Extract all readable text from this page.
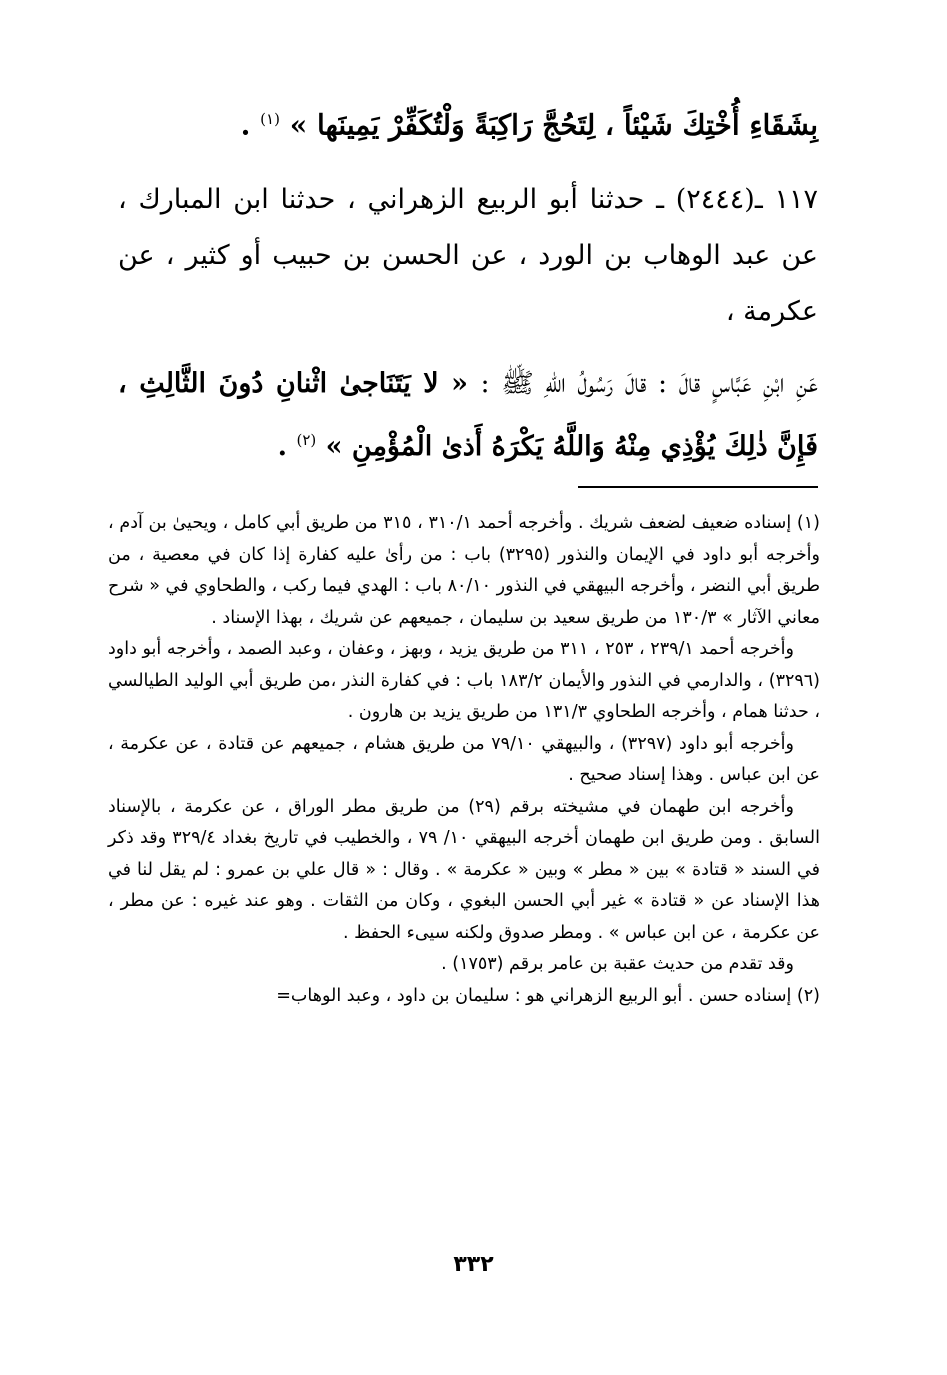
بِشَقَاءِ أُخْتِكَ شَيْئاً ، لِتَحُجَّ رَاكِبَةً وَلْتُكَفِّرْ يَمِينَها » $^{(١)}$ .
١١٧ ـ(٢٤٤٤) ـ حدثنا أبو الربيع الزهراني ، حدثنا ابن المبارك ، عن عبد الوهاب بن الورد ، عن الحسن بن حبيب أو كثير ، عن عكرمة ،
عَنِ ابْنِ عَبَّاسٍ قالَ : قالَ رَسُولُ اللهِ ﷺ : « لا يَتَنَاجىٰ اثْنانِ دُونَ الثَّالِثِ ، فَإِنَّ ذٰلِكَ يُؤْذِي مِنْهُ وَاللَّهُ يَكْرَهُ أَذىٰ الْمُؤْمِنِ » $^{(٢)}$ .

(١) إسناده ضعيف لضعف شريك . وأخرجه أحمد ٣١٠/١ ، ٣١٥ من طريق أبي كامل ، ويحيىٰ بن آدم ، وأخرجه أبو داود في الإيمان والنذور (٣٢٩٥) باب : من رأىٰ عليه كفارة إذا كان في معصية ، من طريق أبي النضر ، وأخرجه البيهقي في النذور ٨٠/١٠ باب : الهدي فيما ركب ، والطحاوي في « شرح معاني الآثار » ١٣٠/٣ من طريق سعيد بن سليمان ، جميعهم عن شريك ، بهذا الإسناد .

وأخرجه أحمد ٢٣٩/١ ، ٢٥٣ ، ٣١١ من طريق يزيد ، وبهز ، وعفان ، وعبد الصمد ، وأخرجه أبو داود (٣٢٩٦) ، والدارمي في النذور والأيمان ١٨٣/٢ باب : في كفارة النذر ،من طريق أبي الوليد الطيالسي ، حدثنا همام ، وأخرجه الطحاوي ١٣١/٣ من طريق يزيد بن هارون .

وأخرجه أبو داود (٣٢٩٧) ، والبيهقي ٧٩/١٠ من طريق هشام ، جميعهم عن قتادة ، عن عكرمة ، عن ابن عباس . وهذا إسناد صحيح .

وأخرجه ابن طهمان في مشيخته برقم (٢٩) من طريق مطر الوراق ، عن عكرمة ، بالإسناد السابق . ومن طريق ابن طهمان أخرجه البيهقي ١٠/ ٧٩ ، والخطيب في تاريخ بغداد ٣٢٩/٤ وقد ذكر في السند « قتادة » بين « مطر » وبين « عكرمة » . وقال : « قال علي بن عمرو : لم يقل لنا في هذا الإسناد عن « قتادة » غير أبي الحسن البغوي ، وكان من الثقات . وهو عند غيره : عن مطر ، عن عكرمة ، عن ابن عباس » . ومطر صدوق ولكنه سيىء الحفظ .

وقد تقدم من حديث عقبة بن عامر برقم (١٧٥٣) .

(٢) إسناده حسن . أبو الربيع الزهراني هو : سليمان بن داود ، وعبد الوهاب=

٣٣٢
